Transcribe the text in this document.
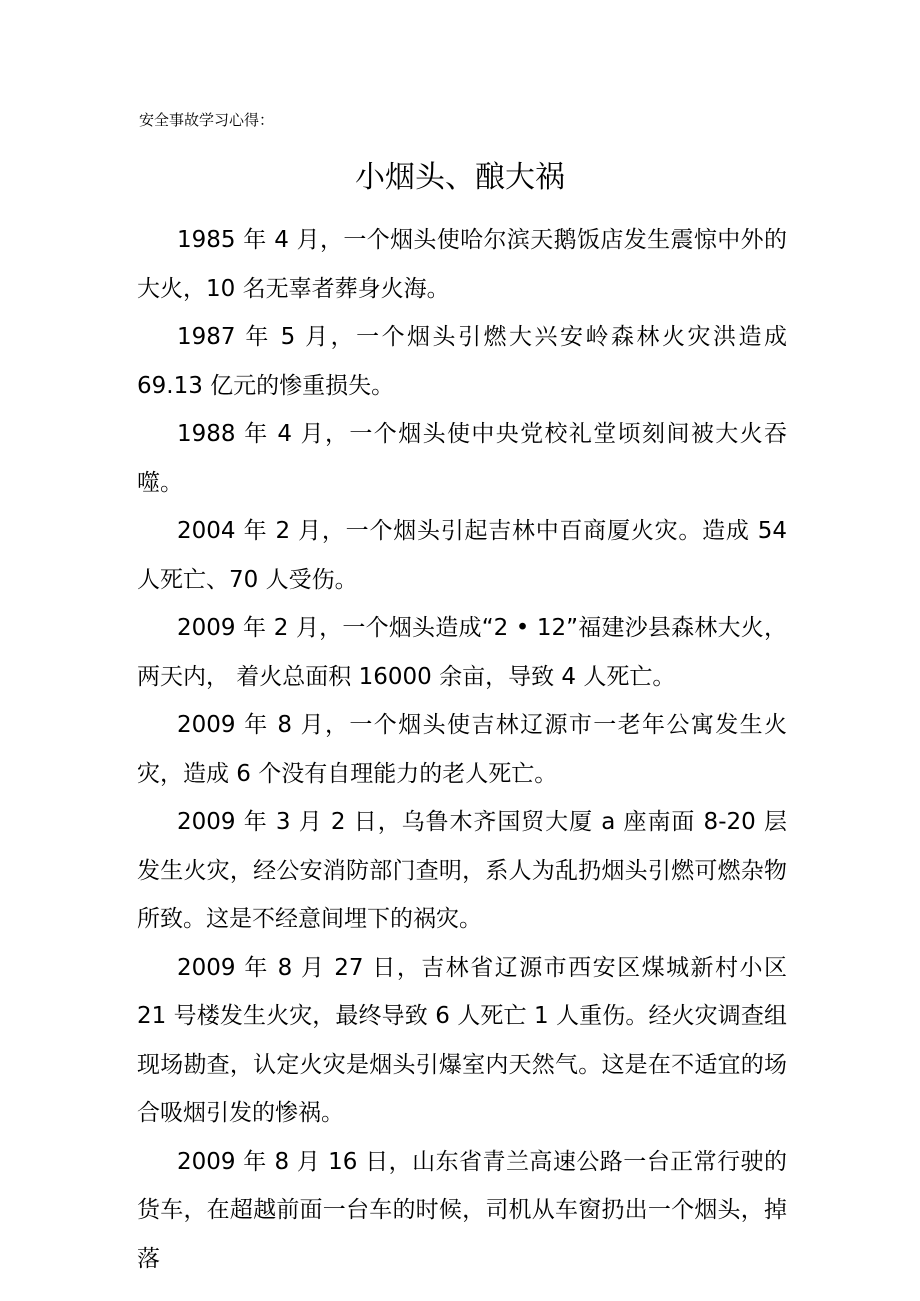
安全事故学习心得：
小烟头、酿大祸

1985 年 4 月，一个烟头使哈尔滨天鹅饭店发生震惊中外的大火，10 名无辜者葬身火海。

1987 年 5 月，一个烟头引燃大兴安岭森林火灾洪造成 69.13 亿元的惨重损失。

1988 年 4 月，一个烟头使中央党校礼堂顷刻间被大火吞噬。

2004 年 2 月，一个烟头引起吉林中百商厦火灾。造成 54 人死亡、70 人受伤。

2009 年 2 月，一个烟头造成“2 • 12”福建沙县森林大火，两天内， 着火总面积 16000 余亩，导致 4 人死亡。

2009 年 8 月，一个烟头使吉林辽源市一老年公寓发生火灾，造成 6 个没有自理能力的老人死亡。

2009 年 3 月 2 日，乌鲁木齐国贸大厦 a 座南面 8-20 层发生火灾，经公安消防部门查明，系人为乱扔烟头引燃可燃杂物所致。这是不经意间埋下的祸灾。

2009 年 8 月 27 日，吉林省辽源市西安区煤城新村小区 21 号楼发生火灾，最终导致 6 人死亡 1 人重伤。经火灾调查组现场勘查，认定火灾是烟头引爆室内天然气。这是在不适宜的场合吸烟引发的惨祸。

2009 年 8 月 16 日，山东省青兰高速公路一台正常行驶的货车，在超越前面一台车的时候，司机从车窗扔出一个烟头，掉落
